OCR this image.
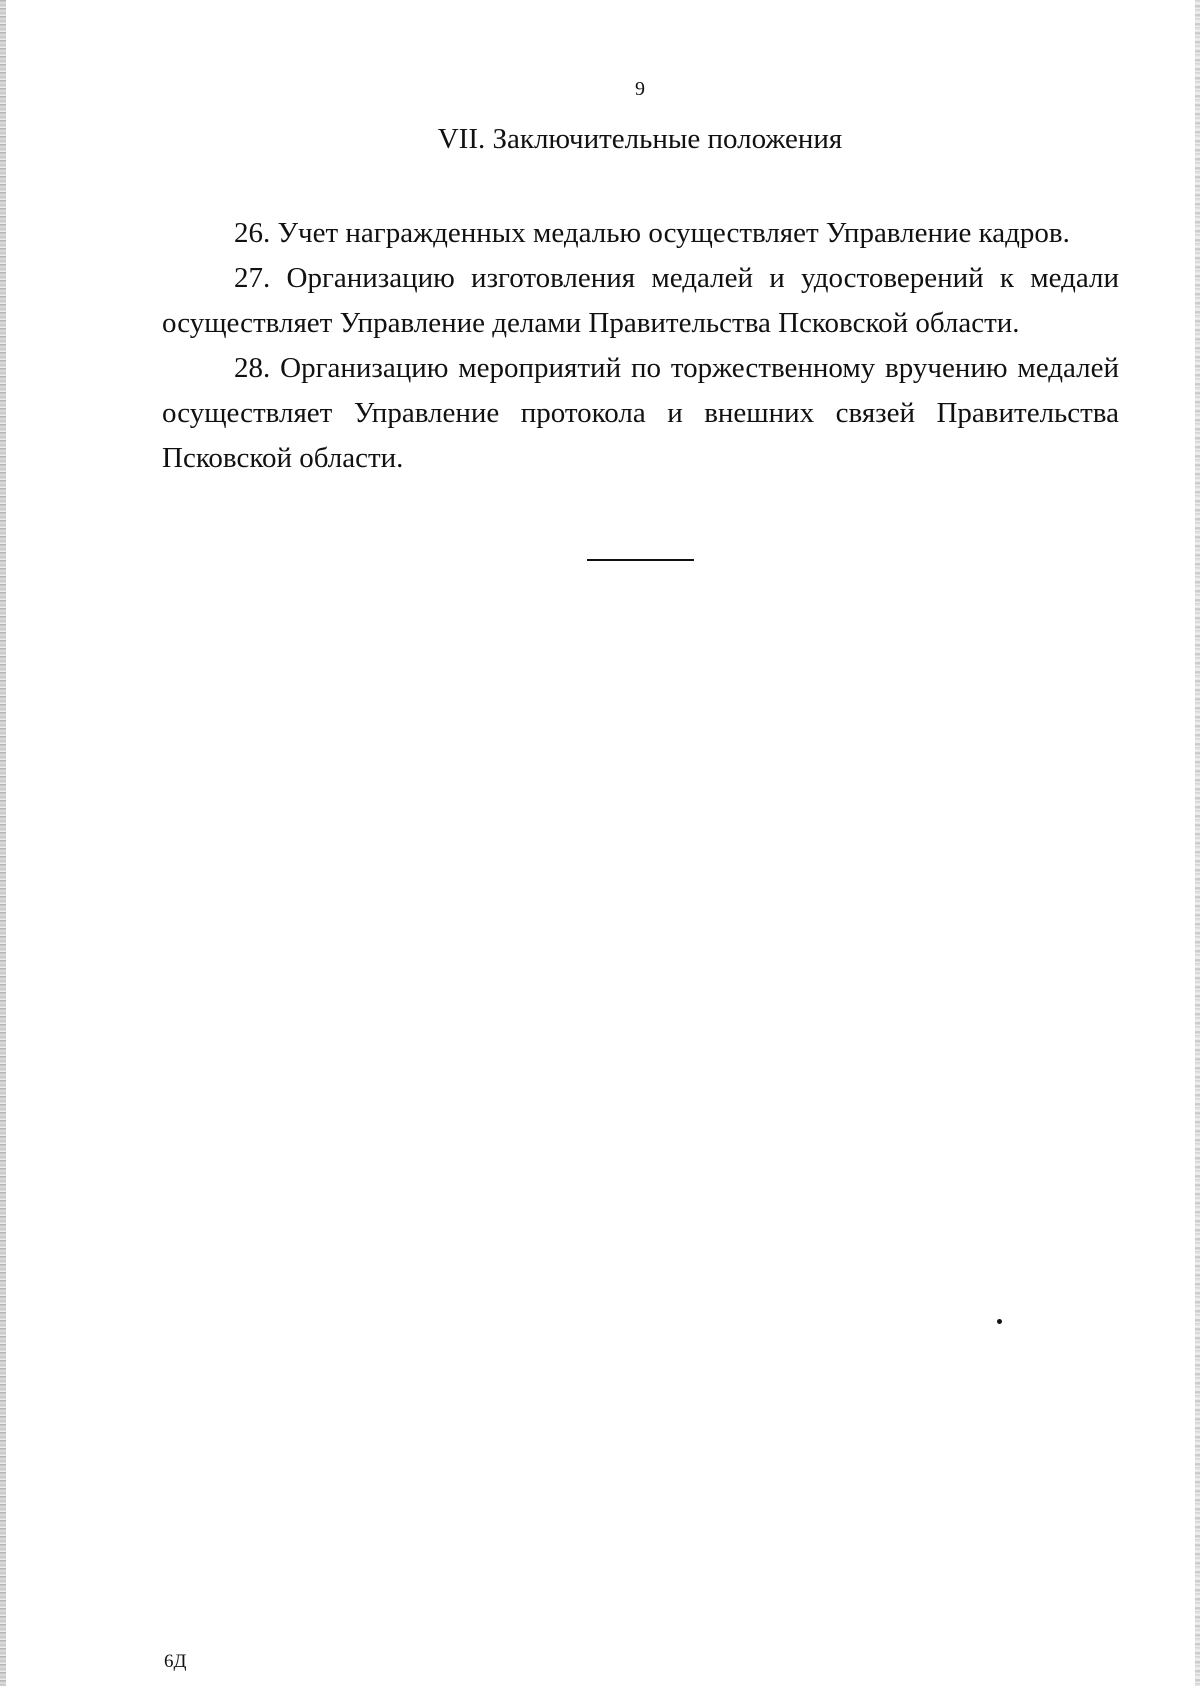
9
VII. Заключительные положения

26. Учет награжденных медалью осуществляет Управление кадров.

27. Организацию изготовления медалей и удостоверений к медали осуществляет Управление делами Правительства Псковской области.

28. Организацию мероприятий по торжественному вручению медалей осуществляет Управление протокола и внешних связей Правительства Псковской области.

6Д
